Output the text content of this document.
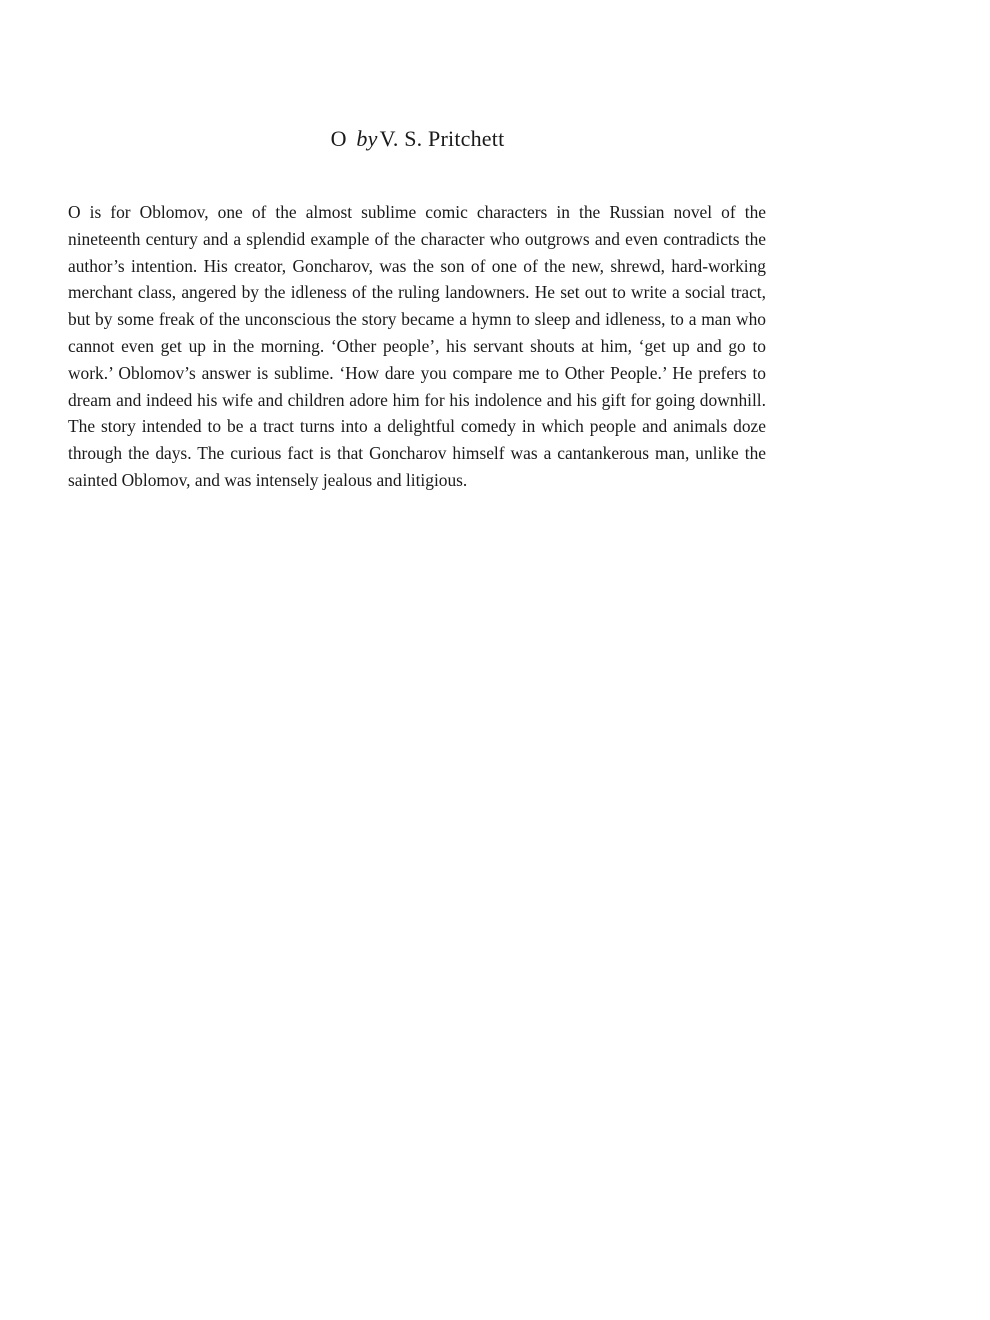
O byV. S. Pritchett

O is for Oblomov, one of the almost sublime comic characters in the Russian novel of the nineteenth century and a splendid example of the character who outgrows and even contradicts the author’s intention. His creator, Goncharov, was the son of one of the new, shrewd, hard-working merchant class, angered by the idleness of the ruling landowners. He set out to write a social tract, but by some freak of the unconscious the story became a hymn to sleep and idleness, to a man who cannot even get up in the morning. ‘Other people’, his servant shouts at him, ‘get up and go to work.’ Oblomov’s answer is sublime. ‘How dare you compare me to Other People.’ He prefers to dream and indeed his wife and children adore him for his indolence and his gift for going downhill. The story intended to be a tract turns into a delightful comedy in which people and animals doze through the days. The curious fact is that Goncharov himself was a cantankerous man, unlike the sainted Oblomov, and was intensely jealous and litigious.
